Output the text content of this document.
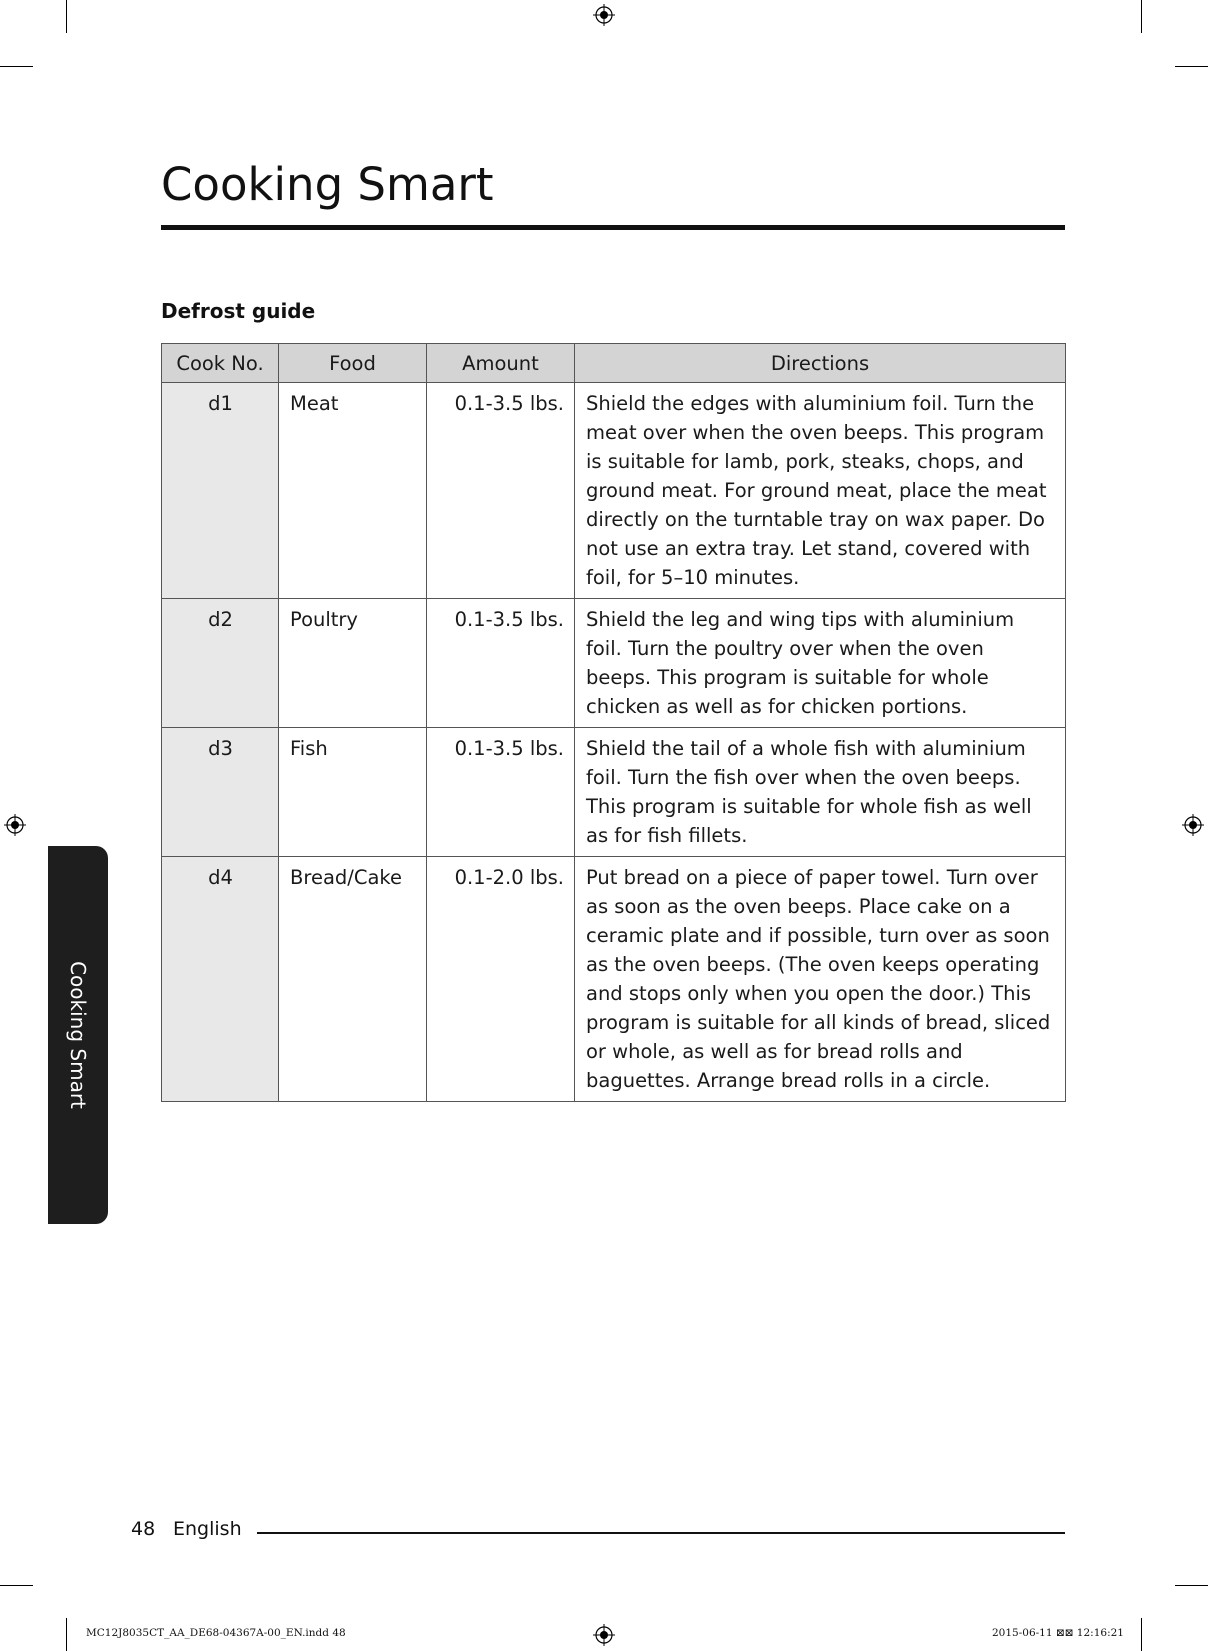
Cooking Smart
Defrost guide
Cook No.	Food	Amount	Directions
d1	Meat	0.1-3.5 lbs.	Shield the edges with aluminium foil. Turn the meat over when the oven beeps. This program is suitable for lamb, pork, steaks, chops, and ground meat. For ground meat, place the meat directly on the turntable tray on wax paper. Do not use an extra tray. Let stand, covered with foil, for 5–10 minutes.
d2	Poultry	0.1-3.5 lbs.	Shield the leg and wing tips with aluminium foil. Turn the poultry over when the oven beeps. This program is suitable for whole chicken as well as for chicken portions.
d3	Fish	0.1-3.5 lbs.	Shield the tail of a whole fish with aluminium foil. Turn the fish over when the oven beeps. This program is suitable for whole fish as well as for fish fillets.
d4	Bread/Cake	0.1-2.0 lbs.	Put bread on a piece of paper towel. Turn over as soon as the oven beeps. Place cake on a ceramic plate and if possible, turn over as soon as the oven beeps. (The oven keeps operating and stops only when you open the door.) This program is suitable for all kinds of bread, sliced or whole, as well as for bread rolls and baguettes. Arrange bread rolls in a circle.
Cooking Smart
48 English
MC12J8035CT_AA_DE68-04367A-00_EN.indd 48	2015-06-11 ⊠⊠ 12:16:21
